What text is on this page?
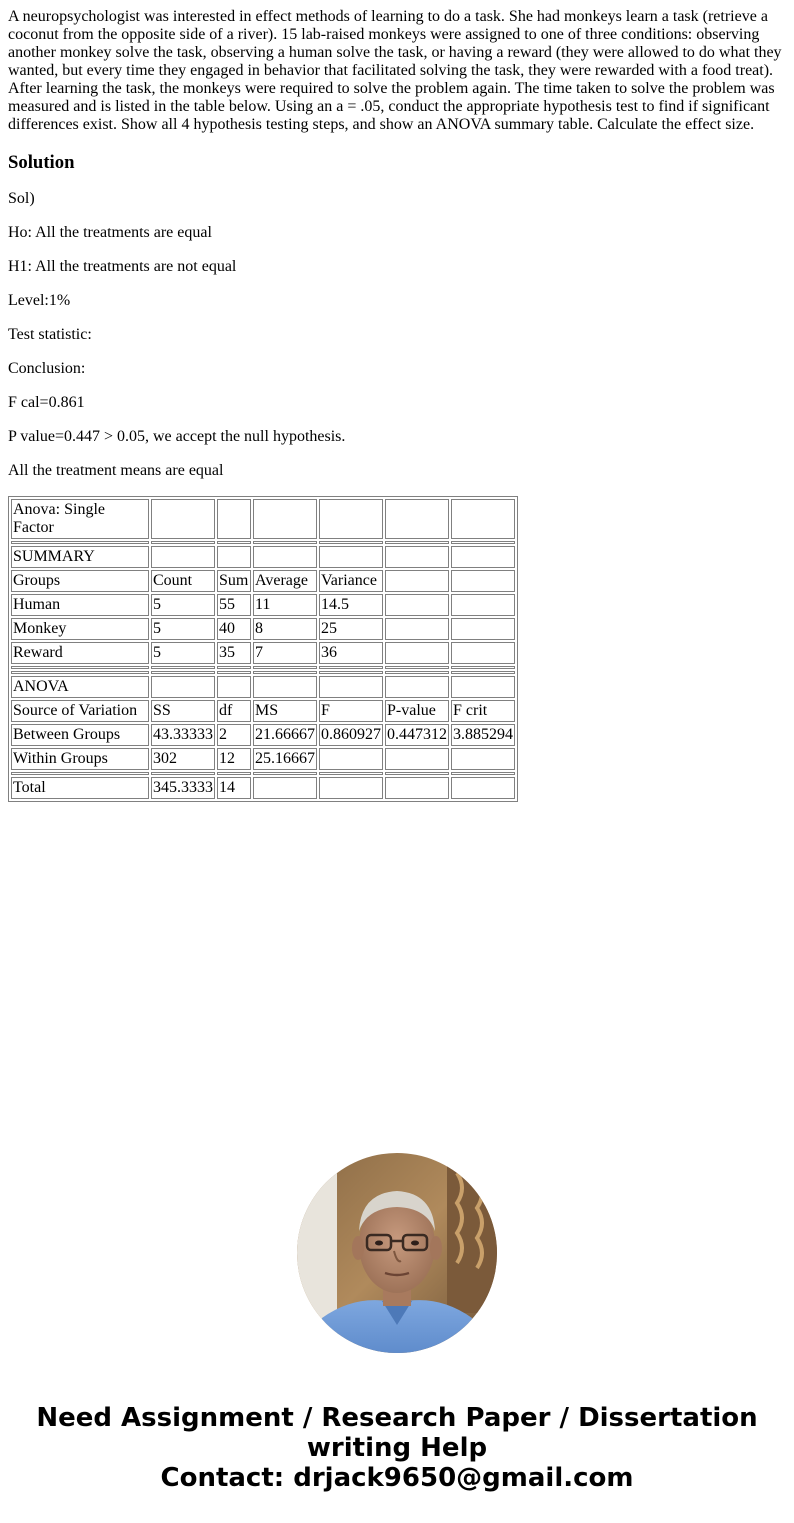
A neuropsychologist was interested in effect methods of learning to do a task. She had monkeys learn a task (retrieve a coconut from the opposite side of a river). 15 lab-raised monkeys were assigned to one of three conditions: observing another monkey solve the task, observing a human solve the task, or having a reward (they were allowed to do what they wanted, but every time they engaged in behavior that facilitated solving the task, they were rewarded with a food treat). After learning the task, the monkeys were required to solve the problem again. The time taken to solve the problem was measured and is listed in the table below. Using an a = .05, conduct the appropriate hypothesis test to find if significant differences exist. Show all 4 hypothesis testing steps, and show an ANOVA summary table. Calculate the effect size.

Solution

Sol)

Ho: All the treatments are equal

H1: All the treatments are not equal

Level:1%

Test statistic:

Conclusion:

F cal=0.861

P value=0.447 > 0.05, we accept the null hypothesis.

All the treatment means are equal

Anova: Single Factor						

SUMMARY						
Groups	Count	Sum	Average	Variance		
Human	5	55	11	14.5		
Monkey	5	40	8	25		
Reward	5	35	7	36		

ANOVA						
Source of Variation	SS	df	MS	F	P-value	F crit
Between Groups	43.33333	2	21.66667	0.860927	0.447312	3.885294
Within Groups	302	12	25.16667			

Total	345.3333	14				
Need Assignment / Research Paper / Dissertation
writing Help
Contact: drjack9650@gmail.com
